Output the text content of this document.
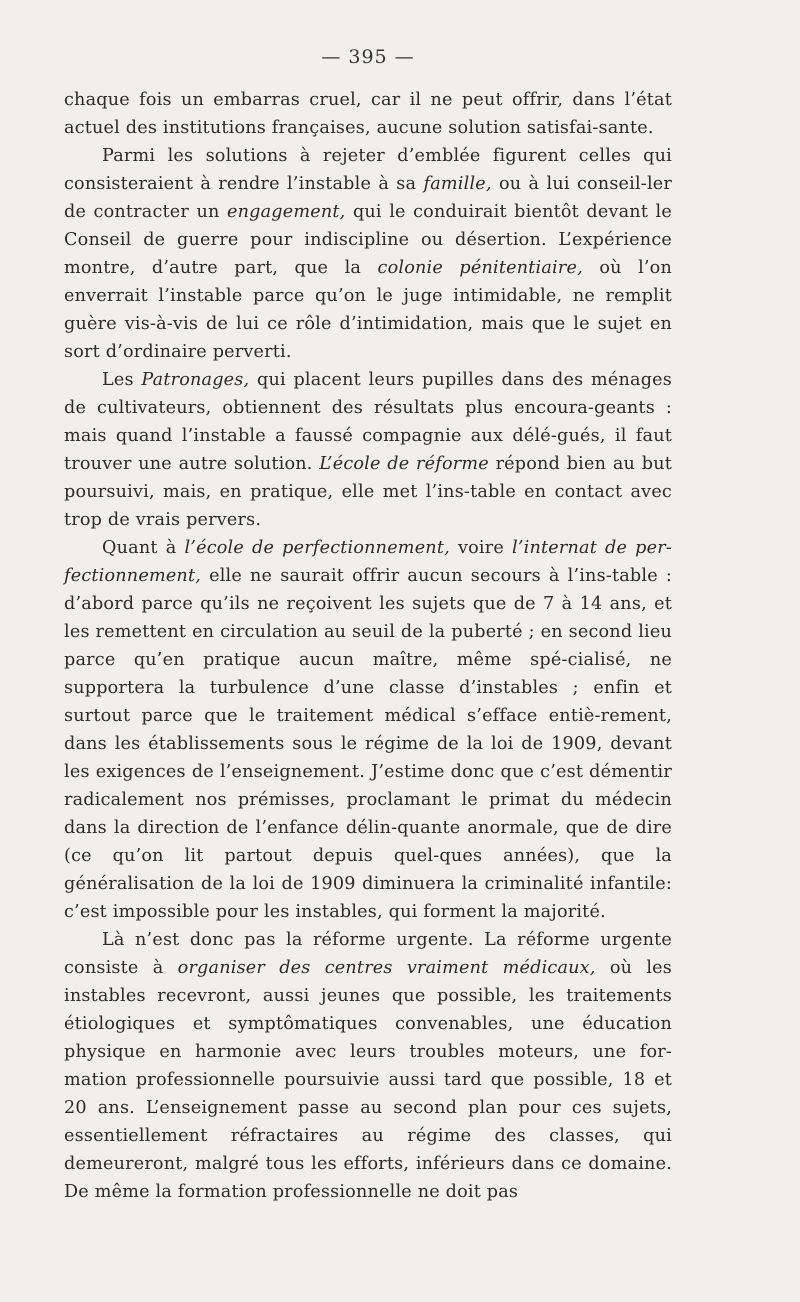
— 395 —

chaque fois un embarras cruel, car il ne peut offrir, dans l’état actuel des institutions françaises, aucune solution satisfai-sante.

Parmi les solutions à rejeter d’emblée figurent celles qui consisteraient à rendre l’instable à sa famille, ou à lui conseil-ler de contracter un engagement, qui le conduirait bientôt devant le Conseil de guerre pour indiscipline ou désertion. L’expérience montre, d’autre part, que la colonie pénitentiaire, où l’on enverrait l’instable parce qu’on le juge intimidable, ne remplit guère vis-à-vis de lui ce rôle d’intimidation, mais que le sujet en sort d’ordinaire perverti.

Les Patronages, qui placent leurs pupilles dans des ménages de cultivateurs, obtiennent des résultats plus encoura-geants : mais quand l’instable a faussé compagnie aux délé-gués, il faut trouver une autre solution. L’école de réforme répond bien au but poursuivi, mais, en pratique, elle met l’ins-table en contact avec trop de vrais pervers.

Quant à l’école de perfectionnement, voire l’internat de per-fectionnement, elle ne saurait offrir aucun secours à l’ins-table : d’abord parce qu’ils ne reçoivent les sujets que de 7 à 14 ans, et les remettent en circulation au seuil de la puberté ; en second lieu parce qu’en pratique aucun maître, même spé-cialisé, ne supportera la turbulence d’une classe d’instables ; enfin et surtout parce que le traitement médical s’efface entiè-rement, dans les établissements sous le régime de la loi de 1909, devant les exigences de l’enseignement. J’estime donc que c’est démentir radicalement nos prémisses, proclamant le primat du médecin dans la direction de l’enfance délin-quante anormale, que de dire (ce qu’on lit partout depuis quel-ques années), que la généralisation de la loi de 1909 diminuera la criminalité infantile: c’est impossible pour les instables, qui forment la majorité.

Là n’est donc pas la réforme urgente. La réforme urgente consiste à organiser des centres vraiment médicaux, où les instables recevront, aussi jeunes que possible, les traitements étiologiques et symptômatiques convenables, une éducation physique en harmonie avec leurs troubles moteurs, une for-mation professionnelle poursuivie aussi tard que possible, 18 et 20 ans. L’enseignement passe au second plan pour ces sujets, essentiellement réfractaires au régime des classes, qui demeureront, malgré tous les efforts, inférieurs dans ce domaine. De même la formation professionnelle ne doit pas
